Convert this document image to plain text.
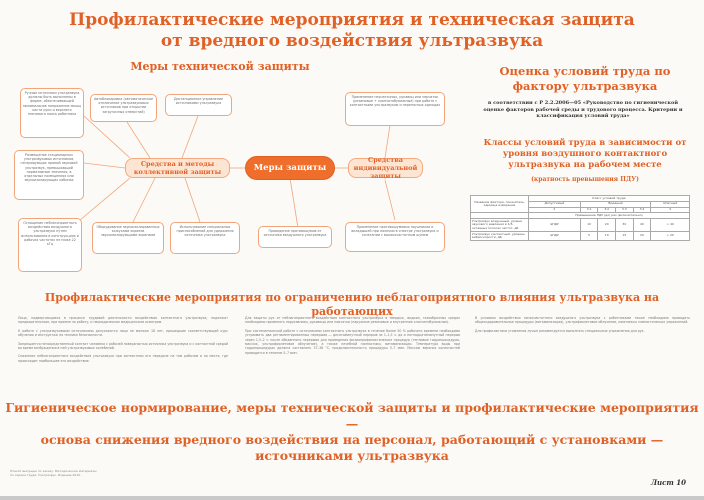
Профилактические мероприятия и техническая защита
от вредного воздействия ультразвука
Меры технической защиты
Ручные источники ультразвука должны быть выполнены в форме, обеспечивающей минимальное напряжение мышц кисти руки и верхнего плечевого пояса работника
Автоблокировка (автоматическое отключение ультразвуковых источников при открытии загрузочных отверстий)
Дистанционное управление источниками ультразвука
Размещение стационарных ультразвуковых источников, генерирующих прямой звуковой ультразвук, превышающий нормативные значения, в отдельных помещениях или звукоизолирующих кабинах
Оснащение неблагоприятного воздействия воздушного ультразвука путем использования в конструкциях и рабочих частотах не ниже 22 кГц
Оборудование звукоизолированных кожухами экранов звукоизолирующими экранами
Использование специальных приспособлений для удержания источника ультразвука
Проведение противошумов от источника воздушного ультразвука
Применение перчаточных, рукавиц или перчаток (резиновые + хлопчатобумажные) при работе с контактными ультразвуком и переносных одеждах
Применение противошумовых наушников и вкладышей при наличии в спектре ультразвука и сочетании с высокочастотным шумом
Средства и методы коллективной защиты	Меры защиты
Средства индивидуальной защиты
Оценка условий труда по фактору ультразвука
в соответствии с Р 2.2.2006—05 «Руководство по гигиенической оценке факторов рабочей среды и трудового процесса. Критерии и классификация условий труда»
Классы условий труда в зависимости от уровня воздушного контактного ультразвука на рабочем месте
(кратность превышения ПДУ)
Название фактора, показатель, единица измерения	Класс условий труда					
	Допустимый	Вредный				Опасный
	2	3.1	3.2	3.3	3.4	4
	Превышение ПДУ (до) раз (включительно)					
Ультразвук воздушный, уровни звукового давления в 1/3-октавных полосах частот, дБ	≤ПДУ	10	20	30	40	> 40
Ультразвук контактный, уровень виброскорости, дБ	≤ПДУ	5	10	15	20	> 20
Профилактические мероприятия по ограничению неблагоприятного влияния ультразвука на работающих

Лица, подвергающиеся в процессе трудовой деятельности воздействию контактного ультразвука, подлежат предварительным, при приеме на работу, и периодическим медицинским осмотрам.

К работе с ультразвуковыми источниками допускаются лица не моложе 18 лет, прошедшие соответствующий курс обучения и инструктаж по технике безопасности.

Запрещается непосредственный контакт человека с рабочей поверхностью источника ультразвука и с контактной средой во время возбуждения в ней ультразвуковых колебаний.

Снижение неблагоприятного воздействия ультразвука при контактном его передаче на том рабочем и на месте, где происходит наибольшее его воздействие.

Для защиты рук от неблагоприятного воздействия контактного ультразвука в твердых, жидких, газообразных средах необходимо применять нарукавники, рукавицы или перчатки (наружные резиновые и внутренние хлопчатобумажные).

При систематической работе с источниками контактного ультразвука в течение более 50 % рабочего времени необходимо устраивать два регламентированных перерыва — десятиминутный перерыв за 1–1,5 ч. до и пятнадцатиминутный перерыв через 1,5–2 ч. после обеденного перерыва для проведения физиопрофилактических процедур (тепловые гидропроцедуры, массаж, ультрафиолетовое облучение), а также лечебной гимнастики, витаминизации. Температура воды при гидропроцедурах должна составлять 37–38 °С, продолжительность процедуры 5–7 мин. Массаж верхних конечностей проводится в течение 5–7 мин.

В условиях воздействия низкочастотного воздушного ультразвука с работниками также необходимо проводить общеоздоровительные процедуры (витаминизация), ультрафиолетовое облучение, комплексы гимнастических упражнений.

Для профилактики утомления лучше рекомендуется выполнять специальные упражнения для рук.

Гигиеническое нормирование, меры технической защиты и профилактические мероприятия —
основа снижения вредного воздействия на персонал, работающий с установками —
источниками ультразвука
Плакат выпущен по заказу. Методические материалы по охране труда. Ультразвук. Издание 2010.
Лист 10
